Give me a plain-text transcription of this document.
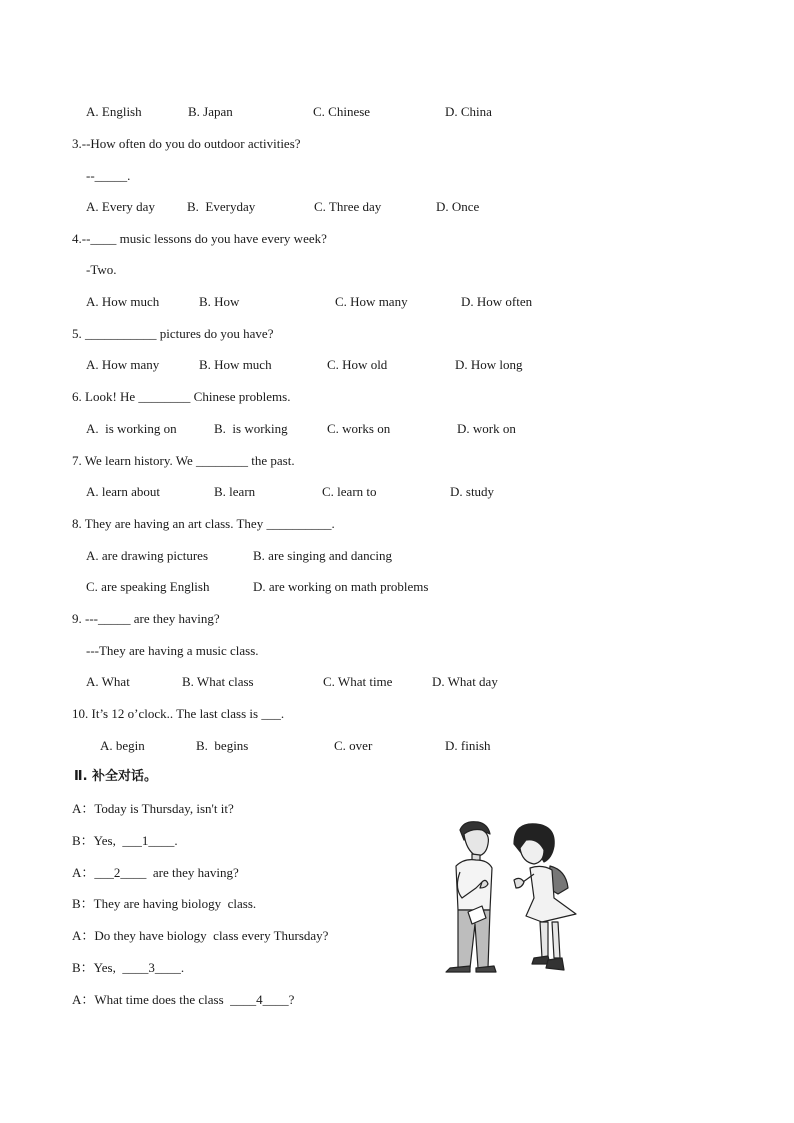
A. English	B. Japan	C. Chinese	D. China
3.--How often do you do outdoor activities?
--_____.
A. Every day B.  Everyday	C. Three day	D. Once
4.--____ music lessons do you have every week?
-Two.
A. How much	B. How	C. How many	D. How often
5. ___________ pictures do you have?
A. How many	B. How much	C. How old	D. How long
6. Look! He ________ Chinese problems.
A.  is working on	B.  is working	C. works on	D. work on
7. We learn history. We ________ the past.
A. learn about	B. learn	C. learn to	D. study
8. They are having an art class. They __________.
A. are drawing pictures	B. are singing and dancing
C. are speaking English	D. are working on math problems
9. ---_____ are they having?
---They are having a music class.
A. What	B. What class	C. What time	D. What day
10. It’s 12 o’clock.. The last class is ___.
A. begin	B.  begins	C. over	D. finish
Ⅱ. 补全对话。
A：Today is Thursday, isn't it?
B：Yes,  ___1____.
A：___2____  are they having?
B：They are having biology  class.
A：Do they have biology  class every Thursday?
B：Yes,  ____3____.
A：What time does the class  ____4____?
